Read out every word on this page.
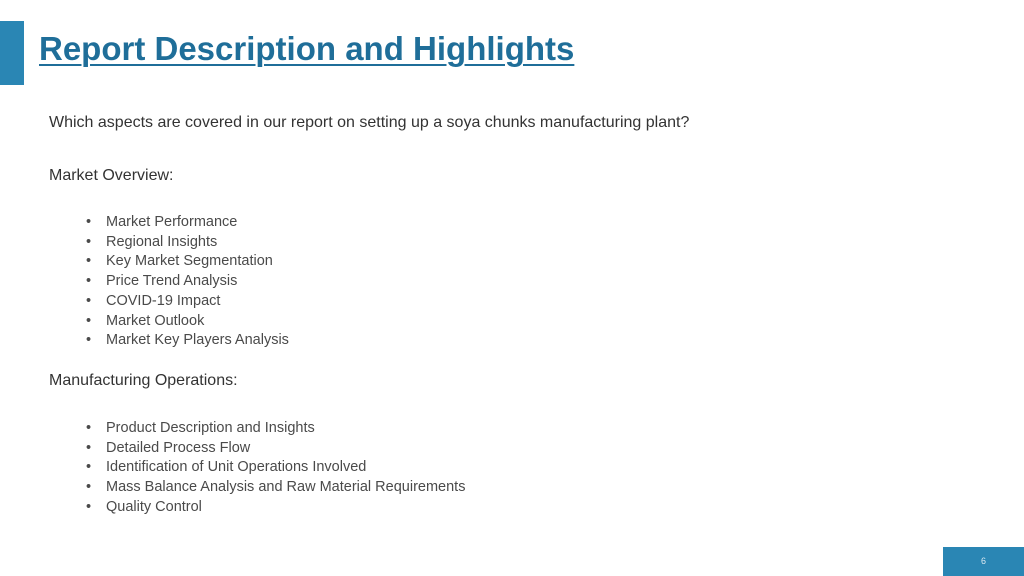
Report Description and Highlights

Which aspects are covered in our report on setting up a soya chunks manufacturing plant?

Market Overview:

• Market Performance
• Regional Insights
• Key Market Segmentation
• Price Trend Analysis
• COVID-19 Impact
• Market Outlook
• Market Key Players Analysis

Manufacturing Operations:

• Product Description and Insights
• Detailed Process Flow
• Identification of Unit Operations Involved
• Mass Balance Analysis and Raw Material Requirements
• Quality Control
6
